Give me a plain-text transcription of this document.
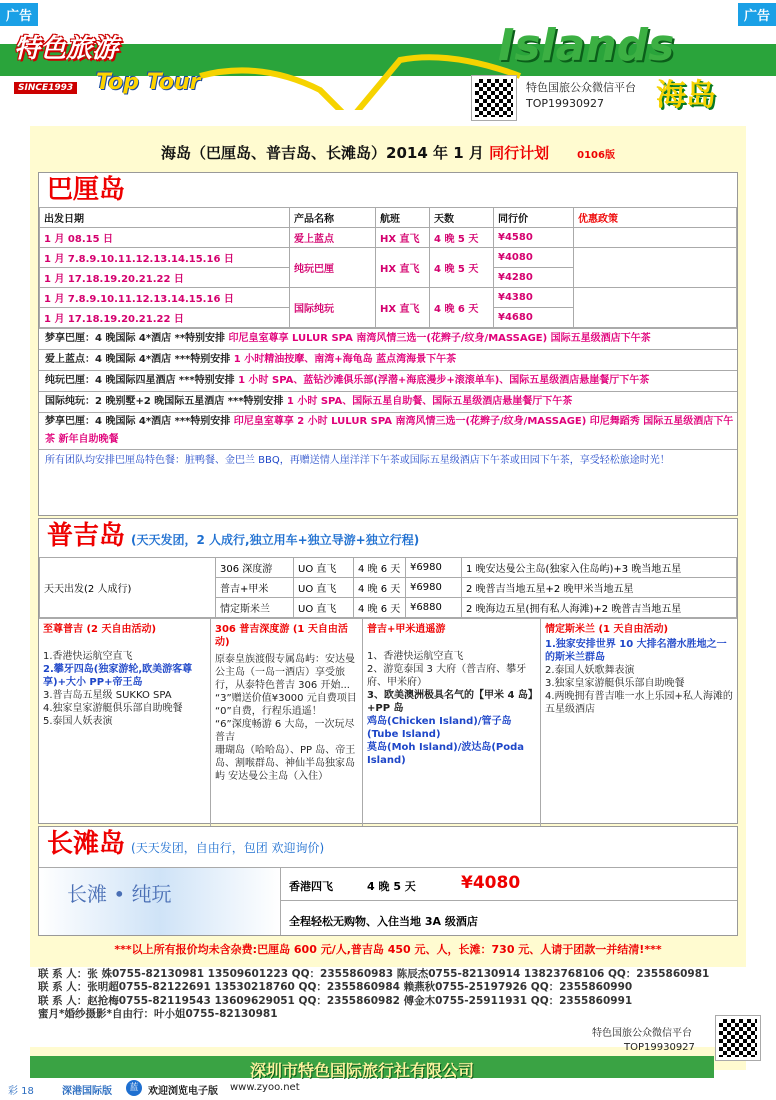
广告	广告
特色旅游
SINCE1993 Top Tour
Islands
海岛
特色国旅公众微信平台
TOP19930927
海岛（巴厘岛、普吉岛、长滩岛）2014 年 1 月 同行计划	0106版
巴厘岛
出发日期	产品名称	航班	天数	同行价	优惠政策
1 月 08.15 日	爱上蓝点	HX 直飞	4 晚 5 天	¥4580	
1 月 7.8.9.10.11.12.13.14.15.16 日	纯玩巴厘	HX 直飞	4 晚 5 天	¥4080	
1 月 17.18.19.20.21.22 日				¥4280	
1 月 7.8.9.10.11.12.13.14.15.16 日	国际纯玩	HX 直飞	4 晚 6 天	¥4380	
1 月 17.18.19.20.21.22 日				¥4680	
梦享巴厘：4 晚国际 4*酒店 **特别安排 印尼皇室尊享 LULUR SPA 南湾风情三选一(花辫子/纹身/MASSAGE) 国际五星级酒店下午茶
爱上蓝点：4 晚国际 4*酒店 ***特别安排 1 小时精油按摩、南湾+海龟岛 蓝点湾海景下午茶
纯玩巴厘：4 晚国际四星酒店 ***特别安排 1 小时 SPA、蓝钻沙滩俱乐部(浮潜+海底漫步+滚滚单车)、国际五星级酒店悬崖餐厅下午茶
国际纯玩：2 晚别墅+2 晚国际五星酒店 ***特别安排 1 小时 SPA、国际五星自助餐、国际五星级酒店悬崖餐厅下午茶
梦享巴厘：4 晚国际 4*酒店 ***特别安排 印尼皇室尊享 2 小时 LULUR SPA 南湾风情三选一(花辫子/纹身/MASSAGE) 印尼舞蹈秀 国际五星级酒店下午茶 新年自助晚餐
所有团队均安排巴厘岛特色餐：脏鸭餐、金巴兰 BBQ，再赠送情人崖洋洋下午茶或国际五星级酒店下午茶或田园下午茶，享受轻松旅途时光！
普吉岛 (天天发团，2 人成行,独立用车+独立导游+独立行程)
天天出发(2 人成行)	306 深度游	UO 直飞	4 晚 6 天	¥6980	1 晚安达曼公主岛(独家入住岛屿)+3 晚当地五星
	普吉+甲米	UO 直飞	4 晚 6 天	¥6980	2 晚普吉当地五星+2 晚甲米当地五星
	情定斯米兰	UO 直飞	4 晚 6 天	¥6880	2 晚海边五星(拥有私人海滩)+2 晚普吉当地五星
至尊普吉 (2 天自由活动)
1.香港快运航空直飞
2.攀牙四岛(独家游轮,欧美游客尊享)+大小 PP+帝王岛
3.普吉岛五星级 SUKKO SPA
4.独家皇家游艇俱乐部自助晚餐
5.泰国人妖表演
306 普吉深度游 (1 天自由活动)
原泰皇族渡假专属岛屿：安达曼公主岛（一岛一酒店）享受旅行，从泰特色普吉 306 开始...
“3”赠送价值¥3000 元自费项目
“0”自费，行程乐逍遥！
“6”深度畅游 6 大岛，一次玩尽普吉
珊瑚岛（哈哈岛）、PP 岛、帝王岛、割喉群岛、神仙半岛独家岛屿 安达曼公主岛（入住）
普吉+甲米逍遥游
1、香港快运航空直飞
2、游览泰国 3 大府（普吉府、攀牙府、甲米府）
3、欧美澳洲极具名气的【甲米 4 岛】+PP 岛
鸡岛(Chicken Island)/管子岛(Tube Island)
莫岛(Moh Island)/波达岛(Poda Island)
情定斯米兰 (1 天自由活动)
1.独家安排世界 10 大排名潜水胜地之一的斯米兰群岛
2.泰国人妖歌舞表演
3.独家皇家游艇俱乐部自助晚餐
4.两晚拥有普吉唯一水上乐园+私人海滩的五星级酒店
长滩岛 (天天发团，自由行，包团 欢迎询价)
长滩 • 纯玩	香港四飞	4 晚 5 天	¥4080
全程轻松无购物、入住当地 3A 级酒店
***以上所有报价均未含杂费:巴厘岛 600 元/人,普吉岛 450 元、人，长滩：730 元、人请于团款一并结清!***
联 系 人：张 姝0755-82130981 13509601223 QQ：2355860983 陈辰杰0755-82130914 13823768106 QQ：2355860981
联 系 人：张明超0755-82122691 13530218760 QQ：2355860984 赖燕秋0755-25197926 QQ：2355860990
联 系 人：赵抢梅0755-82119543 13609629051 QQ：2355860982 傅金木0755-25911931 QQ：2355860991
蜜月*婚纱摄影*自由行：叶小姐0755-82130981
特色国旅公众微信平台
TOP19930927
深圳市特色国际旅行社有限公司
彩 18	深港国际版	蓝 欢迎浏览电子版 www.zyoo.net
